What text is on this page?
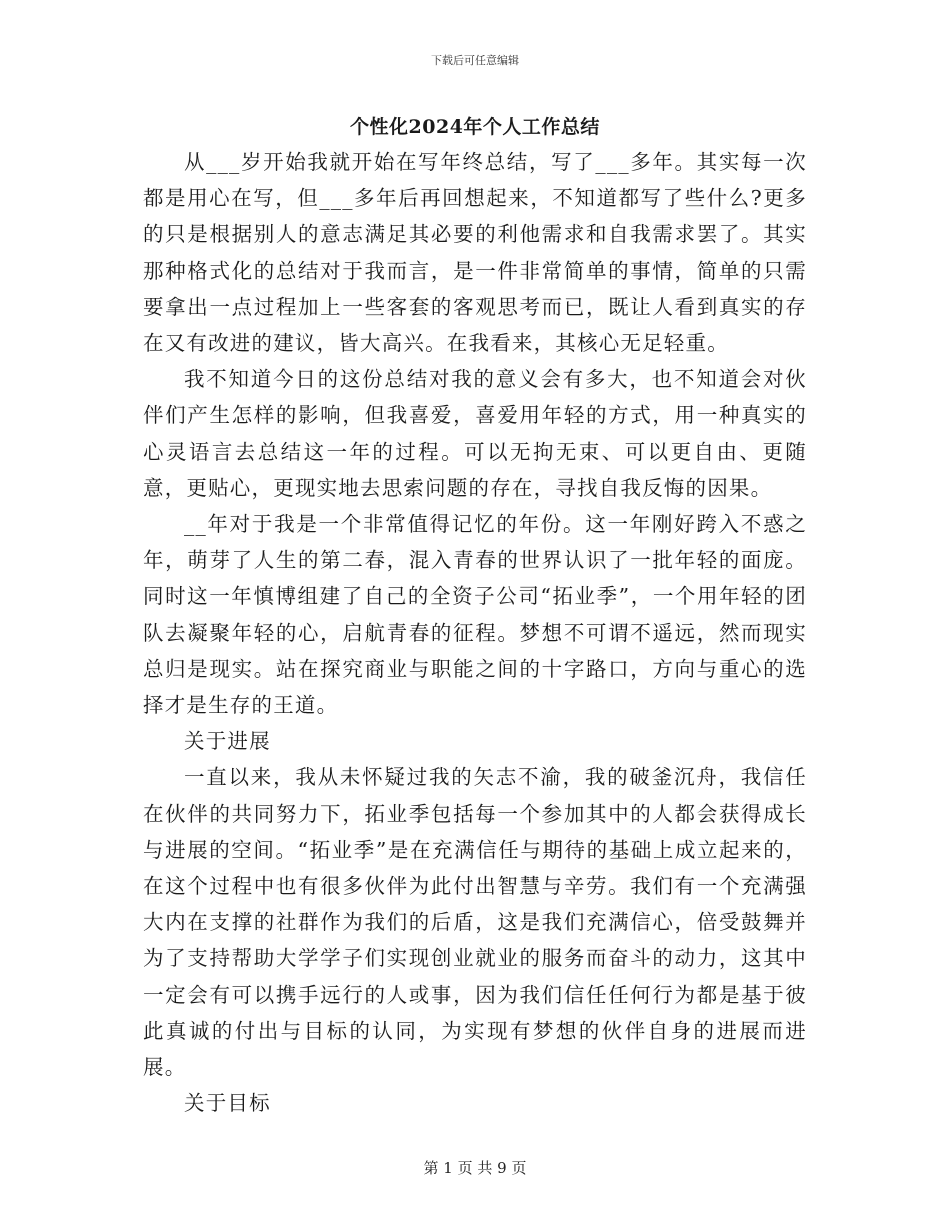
下载后可任意编辑
个性化2024年个人工作总结

从___岁开始我就开始在写年终总结，写了___多年。其实每一次都是用心在写，但___多年后再回想起来，不知道都写了些什么?更多的只是根据别人的意志满足其必要的利他需求和自我需求罢了。其实那种格式化的总结对于我而言，是一件非常简单的事情，简单的只需要拿出一点过程加上一些客套的客观思考而已，既让人看到真实的存在又有改进的建议，皆大高兴。在我看来，其核心无足轻重。

我不知道今日的这份总结对我的意义会有多大，也不知道会对伙伴们产生怎样的影响，但我喜爱，喜爱用年轻的方式，用一种真实的心灵语言去总结这一年的过程。可以无拘无束、可以更自由、更随意，更贴心，更现实地去思索问题的存在，寻找自我反悔的因果。

__年对于我是一个非常值得记忆的年份。这一年刚好跨入不惑之年，萌芽了人生的第二春，混入青春的世界认识了一批年轻的面庞。同时这一年慎博组建了自己的全资子公司“拓业季”，一个用年轻的团队去凝聚年轻的心，启航青春的征程。梦想不可谓不遥远，然而现实总归是现实。站在探究商业与职能之间的十字路口，方向与重心的选择才是生存的王道。

关于进展

一直以来，我从未怀疑过我的矢志不渝，我的破釜沉舟，我信任在伙伴的共同努力下，拓业季包括每一个参加其中的人都会获得成长与进展的空间。“拓业季”是在充满信任与期待的基础上成立起来的，在这个过程中也有很多伙伴为此付出智慧与辛劳。我们有一个充满强大内在支撑的社群作为我们的后盾，这是我们充满信心，倍受鼓舞并为了支持帮助大学学子们实现创业就业的服务而奋斗的动力，这其中一定会有可以携手远行的人或事，因为我们信任任何行为都是基于彼此真诚的付出与目标的认同，为实现有梦想的伙伴自身的进展而进展。

关于目标

第 1 页 共 9 页
